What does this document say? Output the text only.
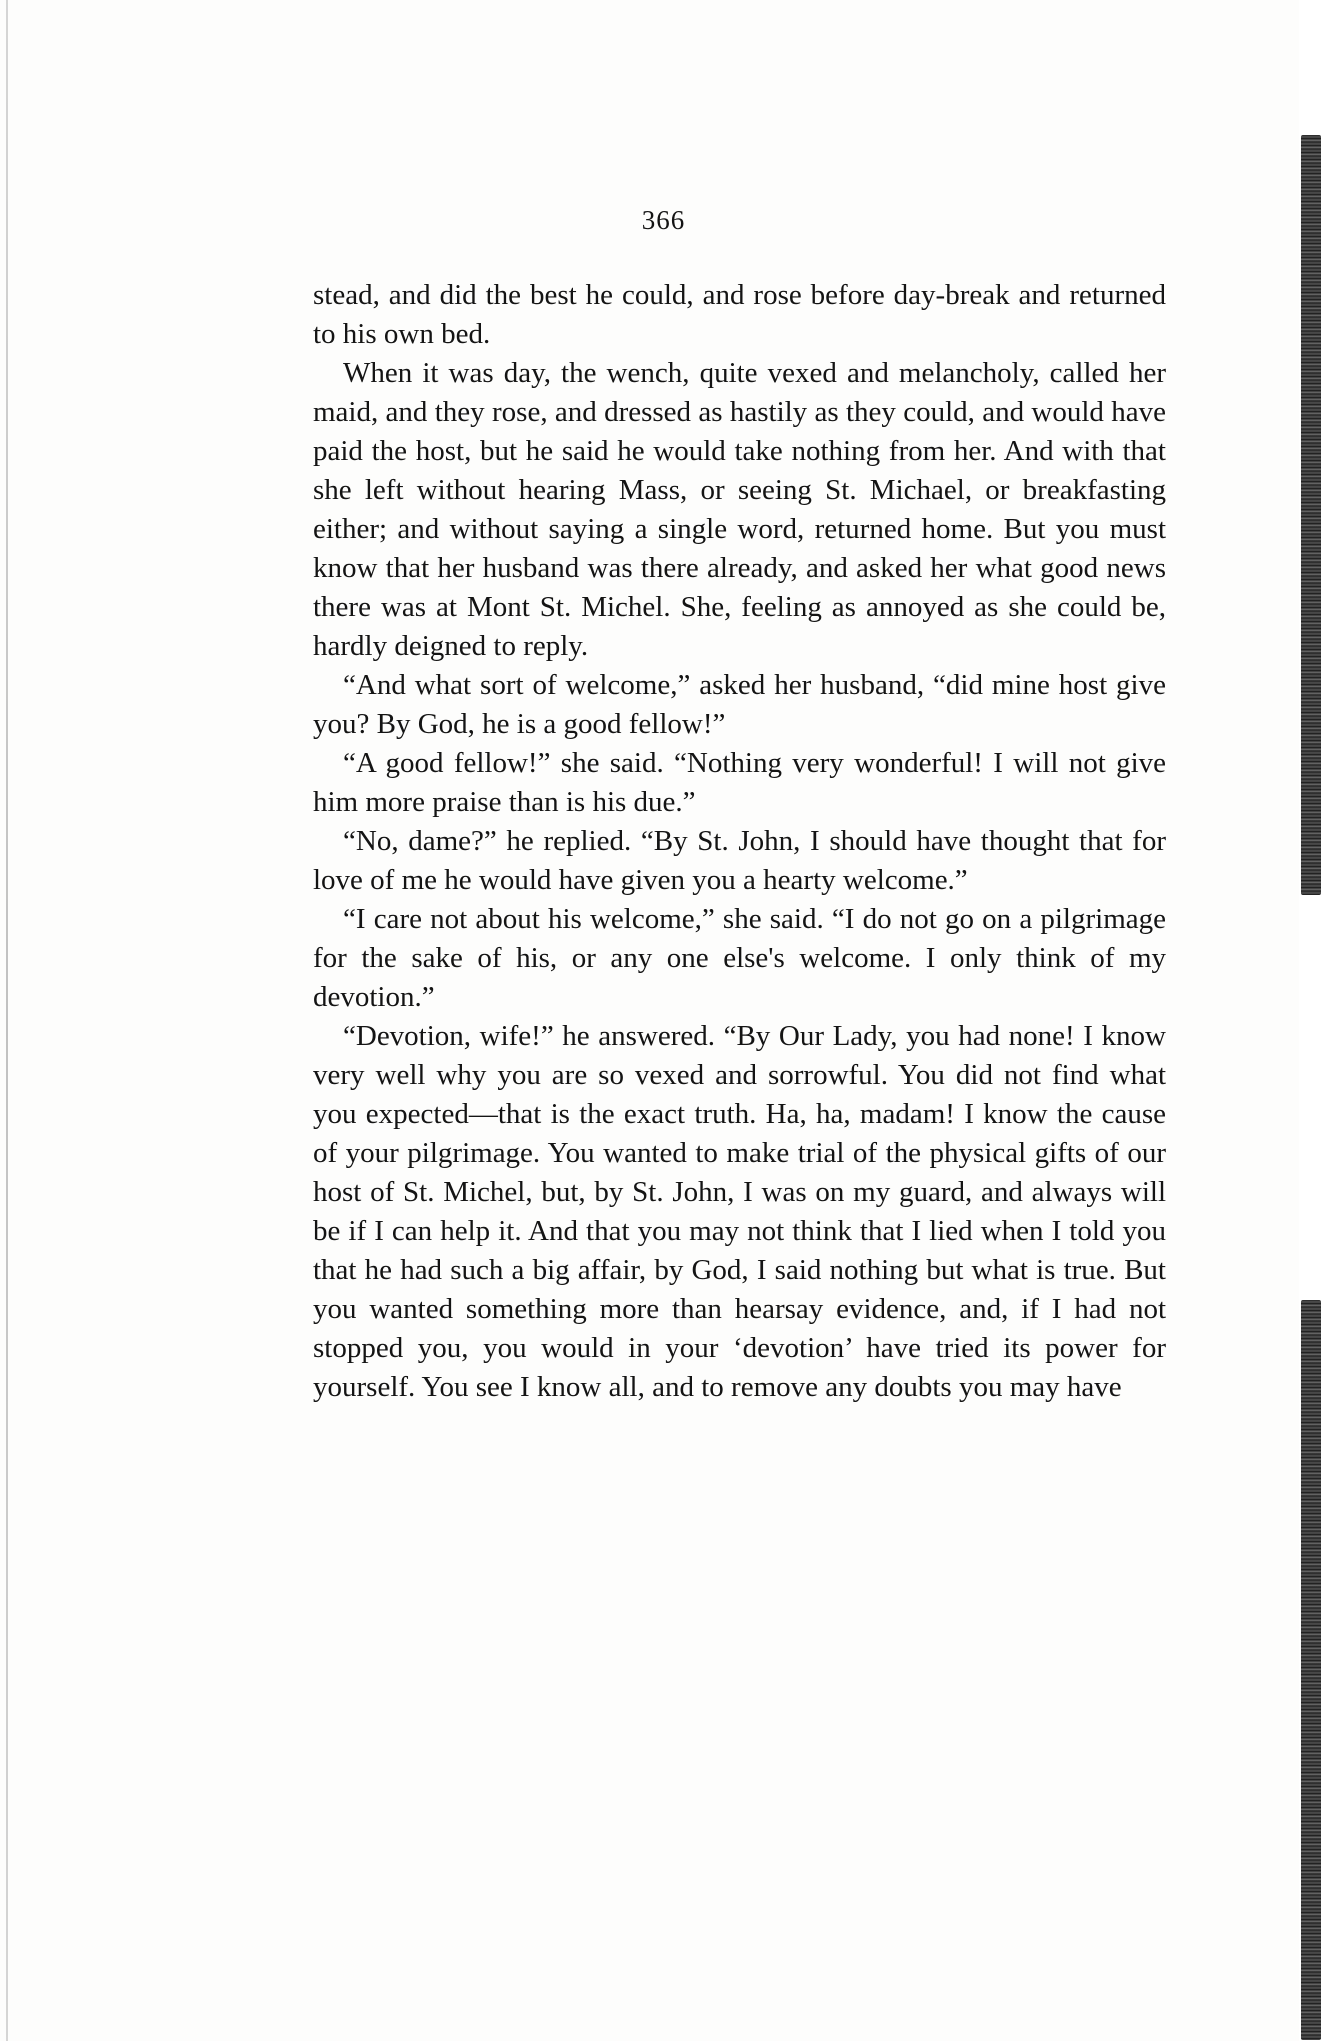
366

stead, and did the best he could, and rose before day-break and returned to his own bed.

When it was day, the wench, quite vexed and melancholy, called her maid, and they rose, and dressed as hastily as they could, and would have paid the host, but he said he would take nothing from her. And with that she left without hearing Mass, or seeing St. Michael, or breakfasting either; and without saying a single word, returned home. But you must know that her husband was there already, and asked her what good news there was at Mont St. Michel. She, feeling as annoyed as she could be, hardly deigned to reply.

“And what sort of welcome,” asked her husband, “did mine host give you? By God, he is a good fellow!”

“A good fellow!” she said. “Nothing very wonderful! I will not give him more praise than is his due.”

“No, dame?” he replied. “By St. John, I should have thought that for love of me he would have given you a hearty welcome.”

“I care not about his welcome,” she said. “I do not go on a pilgrimage for the sake of his, or any one else's welcome. I only think of my devotion.”

“Devotion, wife!” he answered. “By Our Lady, you had none! I know very well why you are so vexed and sorrowful. You did not find what you expected—that is the exact truth. Ha, ha, madam! I know the cause of your pilgrimage. You wanted to make trial of the physical gifts of our host of St. Michel, but, by St. John, I was on my guard, and always will be if I can help it. And that you may not think that I lied when I told you that he had such a big affair, by God, I said nothing but what is true. But you wanted something more than hearsay evidence, and, if I had not stopped you, you would in your ‘devotion’ have tried its power for yourself. You see I know all, and to remove any doubts you may have
